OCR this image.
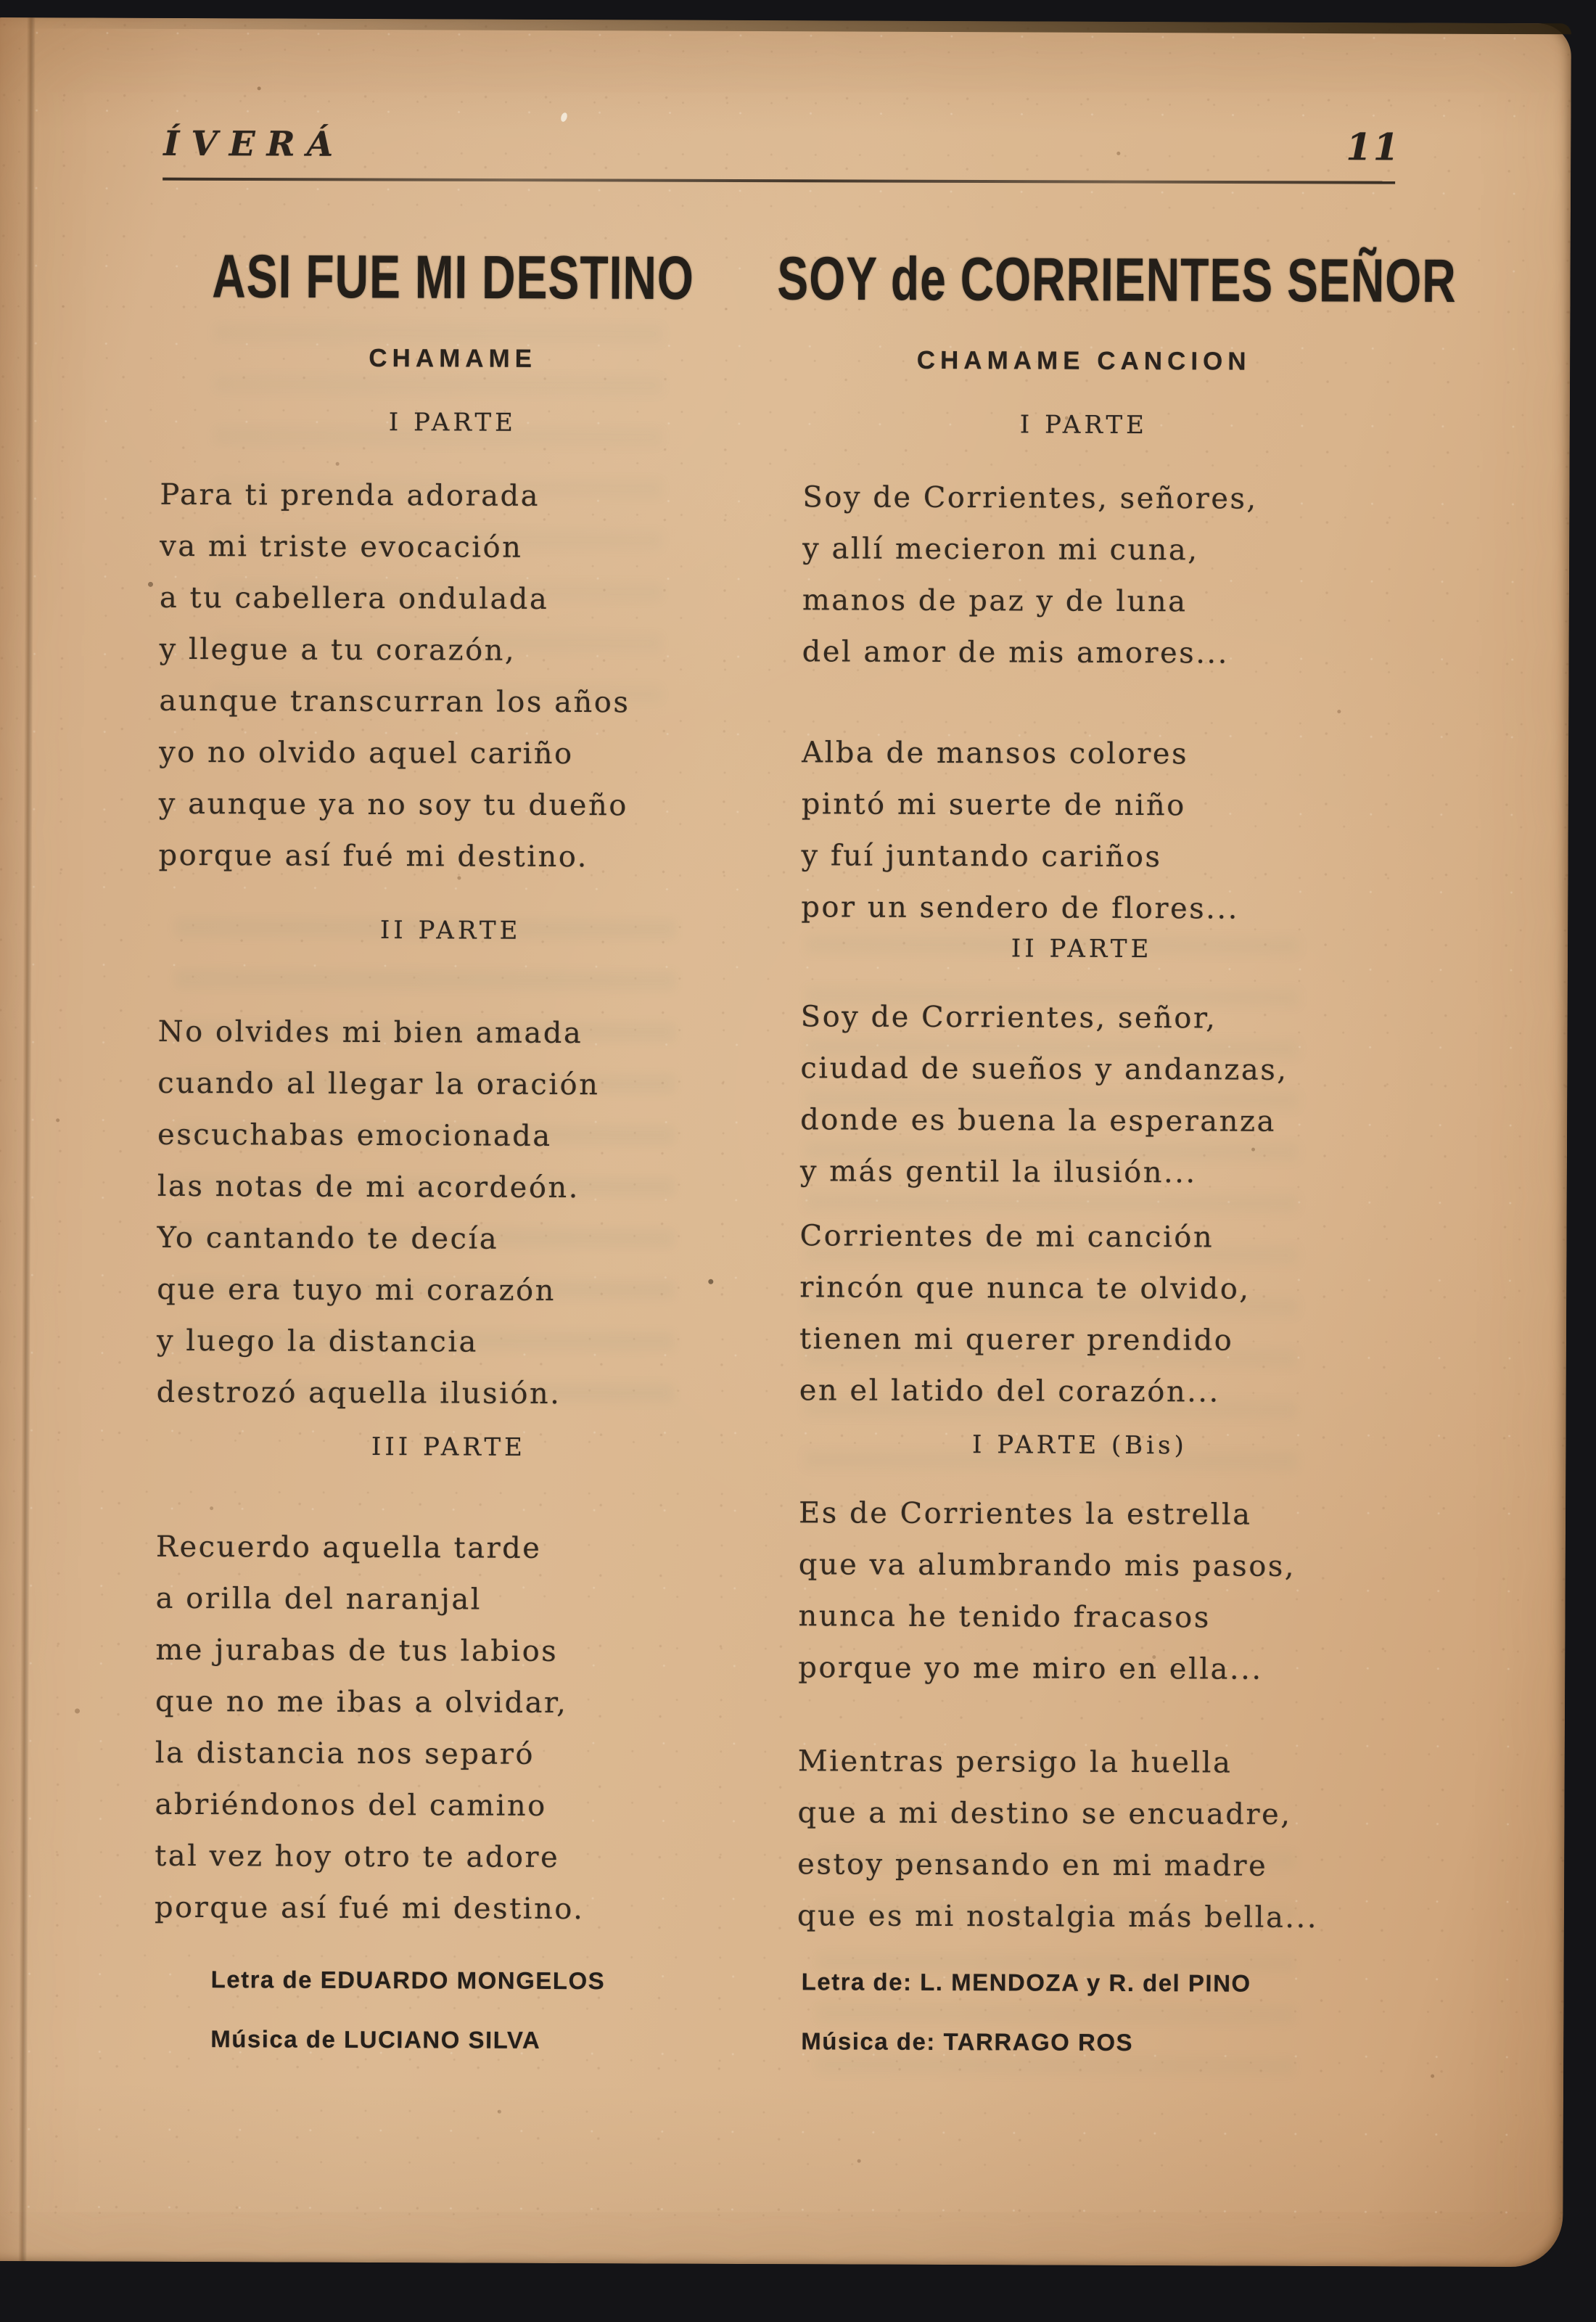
ÍVERÁ	11
ASI FUE MI DESTINO
CHAMAME
I PARTE
Para ti prenda adorada
va mi triste evocación
a tu cabellera ondulada
y llegue a tu corazón,
aunque transcurran los años
yo no olvido aquel cariño
y aunque ya no soy tu dueño
porque así fué mi destino.
II PARTE
No olvides mi bien amada
cuando al llegar la oración
escuchabas emocionada
las notas de mi acordeón.
Yo cantando te decía
que era tuyo mi corazón
y luego la distancia
destrozó aquella ilusión.
III PARTE
Recuerdo aquella tarde
a orilla del naranjal
me jurabas de tus labios
que no me ibas a olvidar,
la distancia nos separó
abriéndonos del camino
tal vez hoy otro te adore
porque así fué mi destino.
Letra de EDUARDO MONGELOS
Música de LUCIANO SILVA
SOY de CORRIENTES SEÑOR
CHAMAME CANCION
I PARTE
Soy de Corrientes, señores,
y allí mecieron mi cuna,
manos de paz y de luna
del amor de mis amores...
Alba de mansos colores
pintó mi suerte de niño
y fuí juntando cariños
por un sendero de flores...
II PARTE
Soy de Corrientes, señor,
ciudad de sueños y andanzas,
donde es buena la esperanza
y más gentil la ilusión...
Corrientes de mi canción
rincón que nunca te olvido,
tienen mi querer prendido
en el latido del corazón...
I PARTE (Bis)
Es de Corrientes la estrella
que va alumbrando mis pasos,
nunca he tenido fracasos
porque yo me miro en ella...
Mientras persigo la huella
que a mi destino se encuadre,
estoy pensando en mi madre
que es mi nostalgia más bella...
Letra de: L. MENDOZA y R. del PINO
Música de: TARRAGO ROS
